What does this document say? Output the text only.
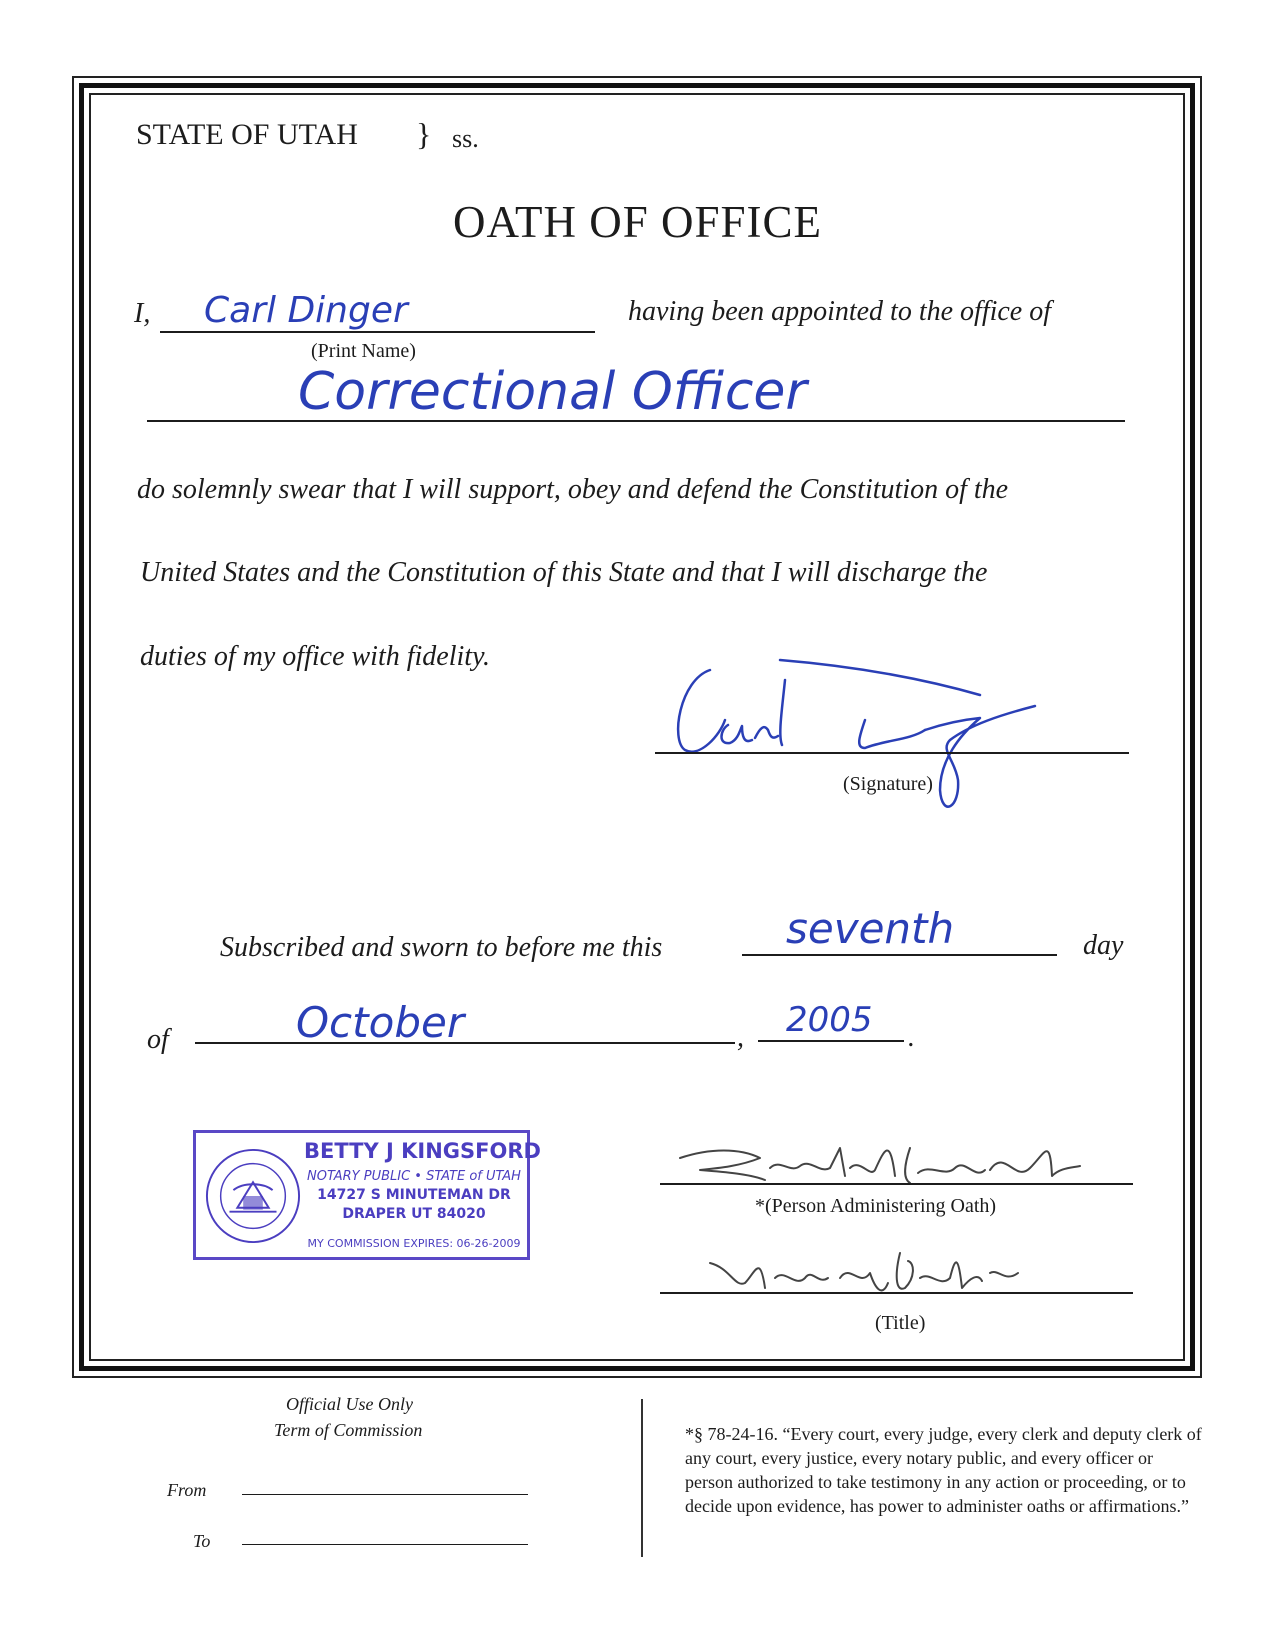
STATE OF UTAH } ss.
OATH OF OFFICE
I, Carl Dinger
(Print Name)
having been appointed to the office of
Correctional Officer
do solemnly swear that I will support, obey and defend the Constitution of the
United States and the Constitution of this State and that I will discharge the
duties of my office with fidelity.
(Signature)
Subscribed and sworn to before me this	seventh	day
of	October	, 2005 .
BETTY J KINGSFORD
NOTARY PUBLIC • STATE of UTAH
14727 S MINUTEMAN DR
DRAPER UT 84020
MY COMMISSION EXPIRES: 06-26-2009
*(Person Administering Oath)
(Title)
Official Use Only
Term of Commission
From
To
*§ 78-24-16. “Every court, every judge, every clerk and deputy clerk of any court, every justice, every notary public, and every officer or person authorized to take testimony in any action or proceeding, or to decide upon evidence, has power to administer oaths or affirmations.”
